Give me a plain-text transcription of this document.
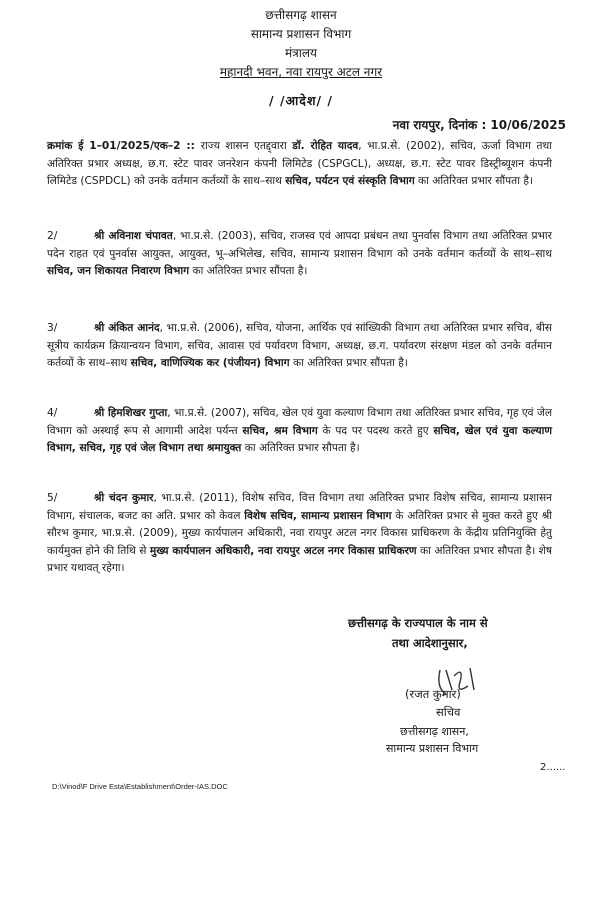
छत्तीसगढ़ शासन
सामान्य प्रशासन विभाग
मंत्रालय
महानदी भवन, नवा रायपुर अटल नगर
/ /आदेश/ /
नवा रायपुर, दिनांक : 10/06/2025
क्रमांक ई 1–01/2025/एक–2 :: राज्य शासन एतद्द्वारा डॉ. रोहित यादव, भा.प्र.से. (2002), सचिव, ऊर्जा विभाग तथा अतिरिक्त प्रभार अध्यक्ष, छ.ग. स्टेट पावर जनरेशन कंपनी लिमिटेड (CSPGCL), अध्यक्ष, छ.ग. स्टेट पावर डिस्ट्रीब्यूशन कंपनी लिमिटेड (CSPDCL) को उनके वर्तमान कर्तव्यों के साथ–साथ सचिव, पर्यटन एवं संस्कृति विभाग का अतिरिक्त प्रभार सौंपता है।
2/	श्री अविनाश चंपावत, भा.प्र.से. (2003), सचिव, राजस्व एवं आपदा प्रबंधन तथा पुनर्वास विभाग तथा अतिरिक्त प्रभार पदेन राहत एवं पुनर्वास आयुक्त, आयुक्त, भू–अभिलेख, सचिव, सामान्य प्रशासन विभाग को उनके वर्तमान कर्तव्यों के साथ–साथ सचिव, जन शिकायत निवारण विभाग का अतिरिक्त प्रभार सौंपता है।
3/	श्री अंकित आनंद, भा.प्र.से. (2006), सचिव, योजना, आर्थिक एवं सांख्यिकी विभाग तथा अतिरिक्त प्रभार सचिव, बीस सूत्रीय कार्यक्रम क्रियान्वयन विभाग, सचिव, आवास एवं पर्यावरण विभाग, अध्यक्ष, छ.ग. पर्यावरण संरक्षण मंडल को उनके वर्तमान कर्तव्यों के साथ–साथ सचिव, वाणिज्यिक कर (पंजीयन) विभाग का अतिरिक्त प्रभार सौंपता है।
4/	श्री हिमशिखर गुप्ता, भा.प्र.से. (2007), सचिव, खेल एवं युवा कल्याण विभाग तथा अतिरिक्त प्रभार सचिव, गृह एवं जेल विभाग को अस्थाई रूप से आगामी आदेश पर्यन्त सचिव, श्रम विभाग के पद पर पदस्थ करते हुए सचिव, खेल एवं युवा कल्याण विभाग, सचिव, गृह एवं जेल विभाग तथा श्रमायुक्त का अतिरिक्त प्रभार सौपता है।
5/	श्री चंदन कुमार, भा.प्र.से. (2011), विशेष सचिव, वित्त विभाग तथा अतिरिक्त प्रभार विशेष सचिव, सामान्य प्रशासन विभाग, संचालक, बजट का अति. प्रभार को केवल विशेष सचिव, सामान्य प्रशासन विभाग के अतिरिक्त प्रभार से मुक्त करते हुए श्री सौरभ कुमार, भा.प्र.से. (2009), मुख्य कार्यपालन अधिकारी, नवा रायपुर अटल नगर विकास प्राधिकरण के केंद्रीय प्रतिनियुक्ति हेतु कार्यमुक्त होने की तिथि से मुख्य कार्यपालन अधिकारी, नवा रायपुर अटल नगर विकास प्राधिकरण का अतिरिक्त प्रभार सौपता है। शेष प्रभार यथावत् रहेगा।
छत्तीसगढ़ के राज्यपाल के नाम से
तथा आदेशानुसार,
(रजत कुमार)
सचिव
छत्तीसगढ़ शासन,
सामान्य प्रशासन विभाग
2......
D:\Vinod\F Drive Esta\Establishment\Order-IAS.DOC
